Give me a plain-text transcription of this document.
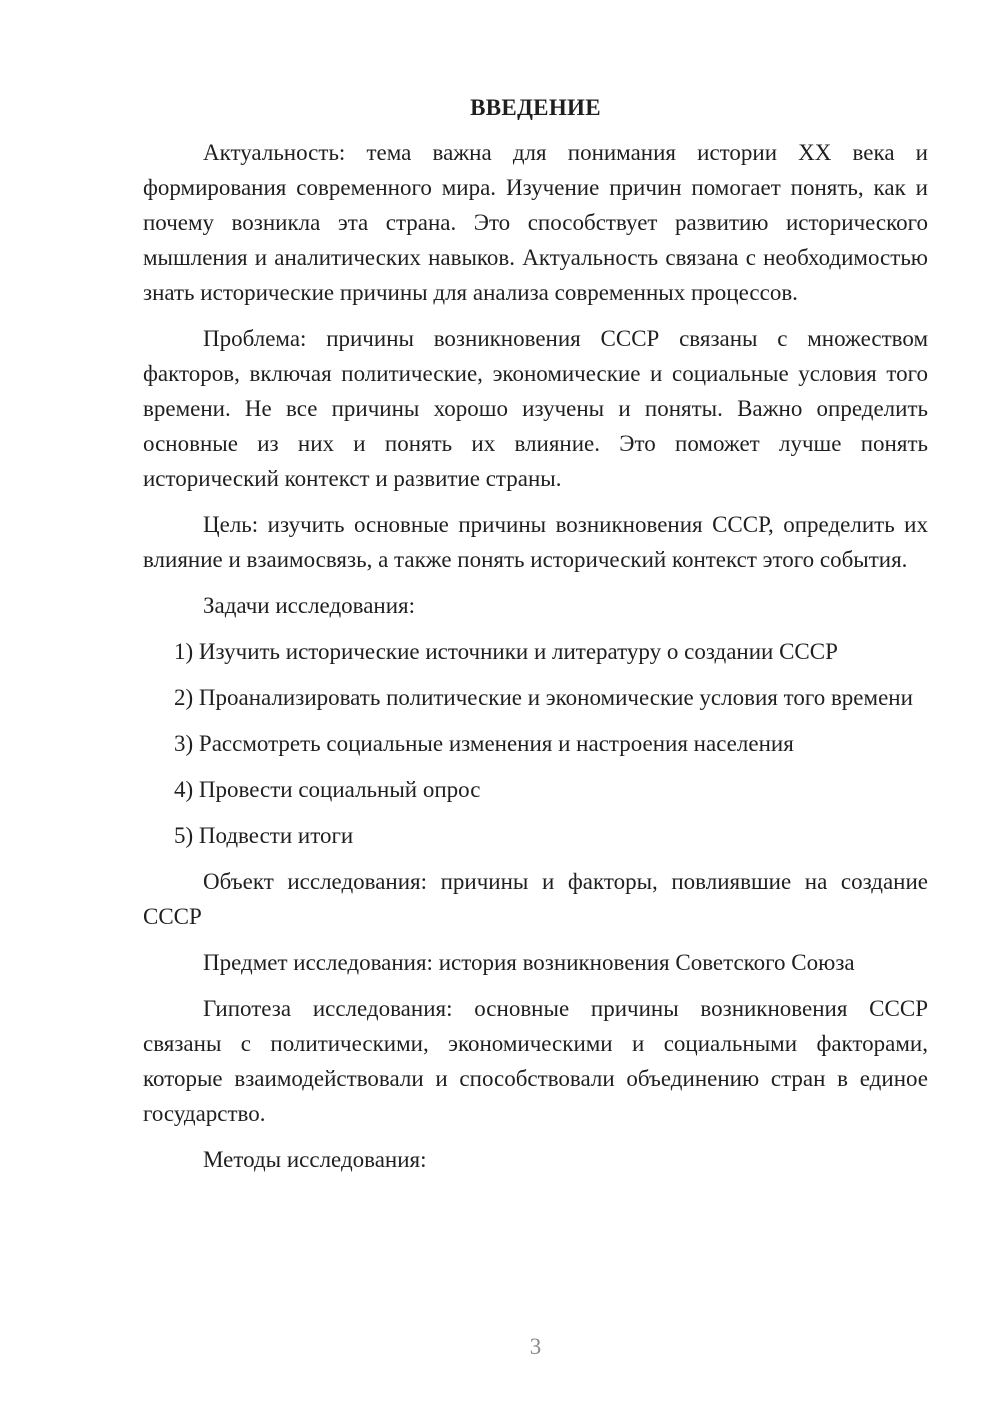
ВВЕДЕНИЕ

Актуальность: тема важна для понимания истории XX века и формирования современного мира. Изучение причин помогает понять, как и почему возникла эта страна. Это способствует развитию исторического мышления и аналитических навыков. Актуальность связана с необходимостью знать исторические причины для анализа современных процессов.

Проблема: причины возникновения СССР связаны с множеством факторов, включая политические, экономические и социальные условия того времени. Не все причины хорошо изучены и поняты. Важно определить основные из них и понять их влияние. Это поможет лучше понять исторический контекст и развитие страны.

Цель: изучить основные причины возникновения СССР, определить их влияние и взаимосвязь, а также понять исторический контекст этого события.

Задачи исследования:

1) Изучить исторические источники и литературу о создании СССР

2) Проанализировать политические и экономические условия того времени

3) Рассмотреть социальные изменения и настроения населения

4) Провести социальный опрос

5) Подвести итоги

Объект исследования: причины и факторы, повлиявшие на создание СССР

Предмет исследования: история возникновения Советского Союза

Гипотеза исследования: основные причины возникновения СССР связаны с политическими, экономическими и социальными факторами, которые взаимодействовали и способствовали объединению стран в единое государство.

Методы исследования:

3
